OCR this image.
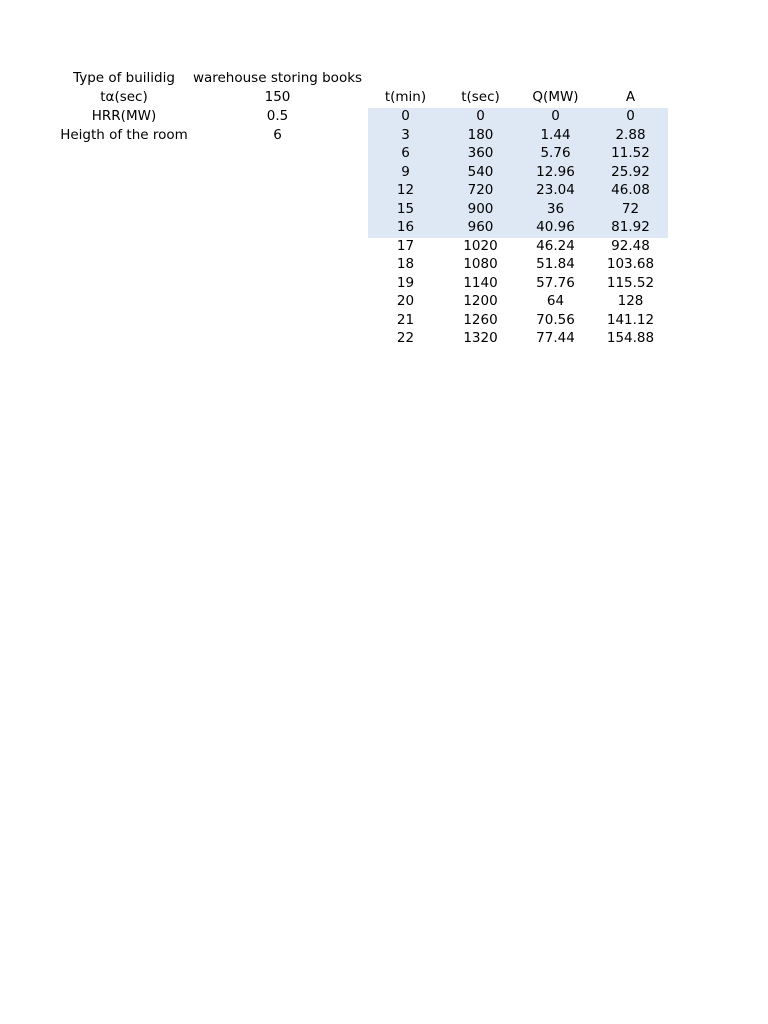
Type of builidig	warehouse storing books
tα(sec)	150	t(min)	t(sec)	Q(MW)	A
HRR(MW)	0.5
Heigth of the room	6
0	0	0	0
3	180	1.44	2.88
6	360	5.76	11.52
9	540	12.96	25.92
12	720	23.04	46.08
15	900	36	72
16	960	40.96	81.92
17	1020	46.24	92.48
18	1080	51.84	103.68
19	1140	57.76	115.52
20	1200	64	128
21	1260	70.56	141.12
22	1320	77.44	154.88
